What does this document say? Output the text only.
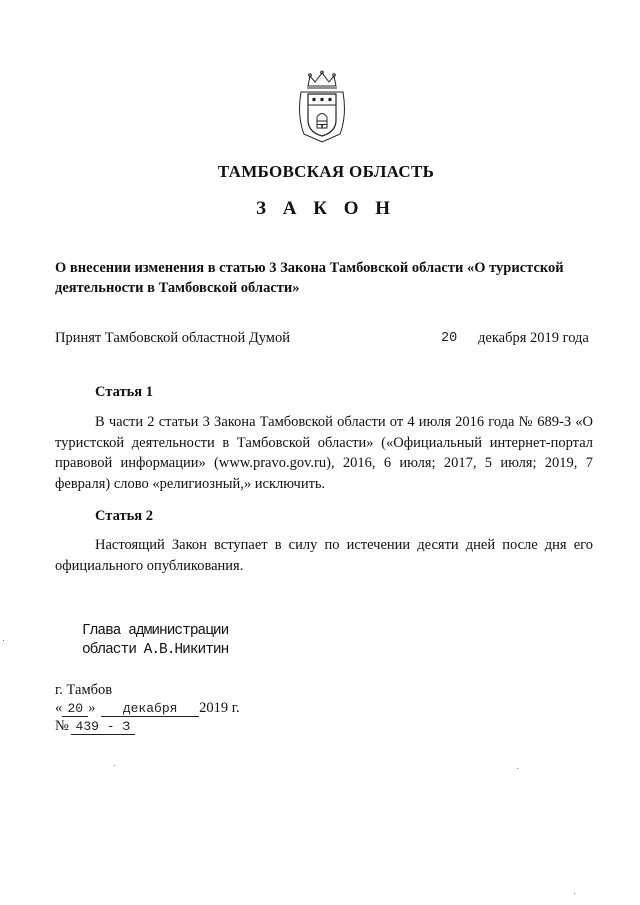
ТАМБОВСКАЯ ОБЛАСТЬ
З А К О Н
О внесении изменения в статью 3 Закона Тамбовской области «О туристской деятельности в Тамбовской области»
Принят Тамбовской областной Думой	20 декабря 2019 года
Статья 1
В части 2 статьи 3 Закона Тамбовской области от 4 июля 2016 года № 689-З «О туристской деятельности в Тамбовской области» («Официальный интернет-портал правовой информации» (www.pravo.gov.ru), 2016, 6 июля; 2017, 5 июля; 2019, 7 февраля) слово «религиозный,» исключить.
Статья 2
Настоящий Закон вступает в силу по истечении десяти дней после дня его официального опубликования.
Глава администрации
области А.В.Никитин
г. Тамбов
« 20 » декабря 2019 г.
№ 439 - З
